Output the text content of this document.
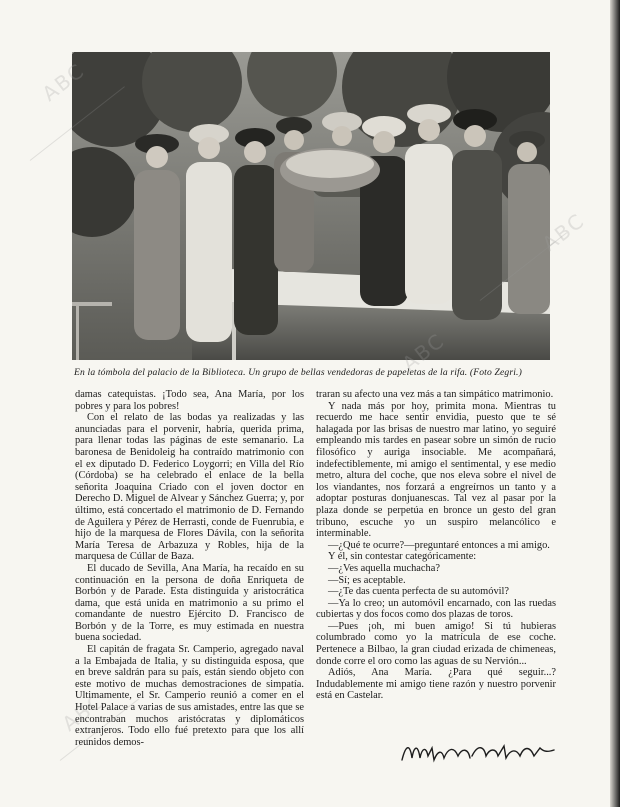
En la tómbola del palacio de la Biblioteca. Un grupo de bellas vendedoras de papeletas de la rifa. (Foto Zegri.)

damas catequistas. ¡Todo sea, Ana María, por los pobres y para los pobres!

Con el relato de las bodas ya realizadas y las anunciadas para el porvenir, habría, querida prima, para llenar todas las páginas de este semanario. La baronesa de Benidoleig ha contraído matrimonio con el ex diputado D. Federico Loygorri; en Villa del Río (Córdoba) se ha celebrado el enlace de la bella señorita Joaquina Criado con el joven doctor en Derecho D. Miguel de Alvear y Sánchez Guerra; y, por último, está concertado el matrimonio de D. Fernando de Aguilera y Pérez de Herrasti, conde de Fuenrubia, e hijo de la marquesa de Flores Dávila, con la señorita María Teresa de Arbazuza y Robles, hija de la marquesa de Cúllar de Baza.

El ducado de Sevilla, Ana María, ha recaído en su continuación en la persona de doña Enriqueta de Borbón y de Parade. Esta distinguida y aristocrática dama, que está unida en matrimonio a su primo el comandante de nuestro Ejército D. Francisco de Borbón y de la Torre, es muy estimada en nuestra buena sociedad.

El capitán de fragata Sr. Camperio, agregado naval a la Embajada de Italia, y su distinguida esposa, que en breve saldrán para su país, están siendo objeto con este motivo de muchas demostraciones de simpatía. Ultimamente, el Sr. Camperio reunió a comer en el Hotel Palace a varias de sus amistades, entre las que se encontraban muchos aristócratas y diplomáticos extranjeros. Todo ello fué pretexto para que los allí reunidos demos-

traran su afecto una vez más a tan simpático matrimonio.

Y nada más por hoy, primita mona. Mientras tu recuerdo me hace sentir envidia, puesto que te sé halagada por las brisas de nuestro mar latino, yo seguiré empleando mis tardes en pasear sobre un simón de rucio filosófico y auriga insociable. Me acompañará, indefectiblemente, mi amigo el sentimental, y ese medio metro, altura del coche, que nos eleva sobre el nivel de los viandantes, nos forzará a engreírnos un tanto y a adoptar posturas donjuanescas. Tal vez al pasar por la plaza donde se perpetúa en bronce un gesto del gran tribuno, escuche yo un suspiro melancólico e interminable.

—¿Qué te ocurre?—preguntaré entonces a mi amigo.

Y él, sin contestar categóricamente:

—¿Ves aquella muchacha?

—Sí; es aceptable.

—¿Te das cuenta perfecta de su automóvil?

—Ya lo creo; un automóvil encarnado, con las ruedas cubiertas y dos focos como dos plazas de toros.

—Pues ¡oh, mi buen amigo! Si tú hubieras columbrado como yo la matrícula de ese coche. Pertenece a Bilbao, la gran ciudad erizada de chimeneas, donde corre el oro como las aguas de su Nervión...

Adiós, Ana María. ¿Para qué seguir...? Indudablemente mi amigo tiene razón y nuestro porvenir está en Castelar.

ABC
ABC
ABC
ABC
